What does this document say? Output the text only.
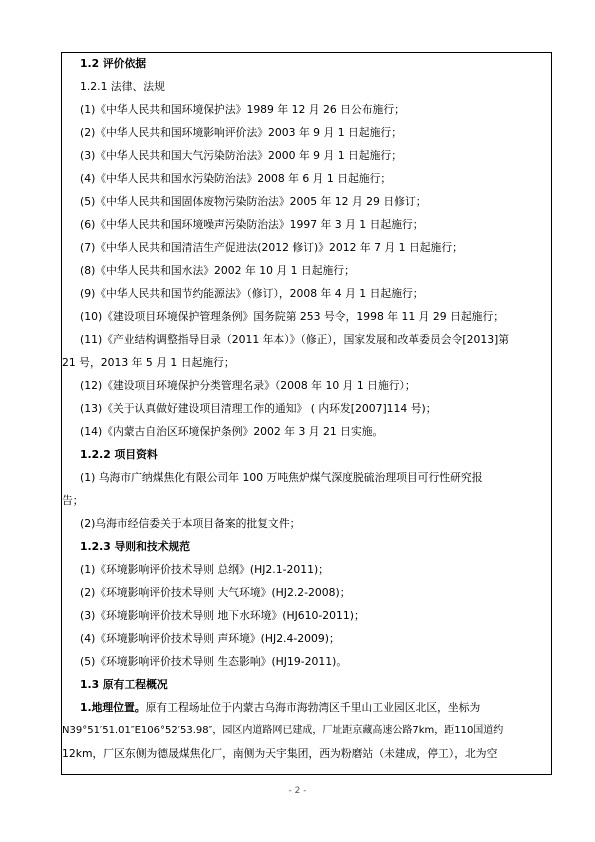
1.2 评价依据
1.2.1 法律、法规
(1)《中华人民共和国环境保护法》1989 年 12 月 26 日公布施行；
(2)《中华人民共和国环境影响评价法》2003 年 9 月 1 日起施行；
(3)《中华人民共和国大气污染防治法》2000 年 9 月 1 日起施行；
(4)《中华人民共和国水污染防治法》2008 年 6 月 1 日起施行；
(5)《中华人民共和国固体废物污染防治法》2005 年 12 月 29 日修订；
(6)《中华人民共和国环境噪声污染防治法》1997 年 3 月 1 日起施行；
(7)《中华人民共和国清洁生产促进法(2012 修订)》2012 年 7 月 1 日起施行；
(8)《中华人民共和国水法》2002 年 10 月 1 日起施行；
(9)《中华人民共和国节约能源法》（修订），2008 年 4 月 1 日起施行；
(10)《建设项目环境保护管理条例》国务院第 253 号令，1998 年 11 月 29 日起施行；
(11)《产业结构调整指导目录（2011 年本）》（修正），国家发展和改革委员会令[2013]第
21 号，2013 年 5 月 1 日起施行；
(12)《建设项目环境保护分类管理名录》（2008 年 10 月 1 日施行）；
(13)《关于认真做好建设项目清理工作的通知》 ( 内环发[2007]114 号)；
(14)《内蒙古自治区环境保护条例》2002 年 3 月 21 日实施。
1.2.2 项目资料
(1) 乌海市广纳煤焦化有限公司年 100 万吨焦炉煤气深度脱硫治理项目可行性研究报
告；
(2)乌海市经信委关于本项目备案的批复文件；
1.2.3 导则和技术规范
(1)《环境影响评价技术导则 总纲》(HJ2.1-2011)；
(2)《环境影响评价技术导则 大气环境》(HJ2.2-2008)；
(3)《环境影响评价技术导则 地下水环境》(HJ610-2011)；
(4)《环境影响评价技术导则 声环境》(HJ2.4-2009)；
(5)《环境影响评价技术导则 生态影响》(HJ19-2011)。
1.3 原有工程概况
1.地理位置。原有工程场址位于内蒙古乌海市海勃湾区千里山工业园区北区，坐标为
N39°51′51.01″E106°52′53.98″，园区内道路网已建成，厂址距京藏高速公路7km，距110国道约
12km，厂区东侧为德晟煤焦化厂，南侧为天宇集团，西为粉磨站（未建成，停工），北为空
- 2 -
